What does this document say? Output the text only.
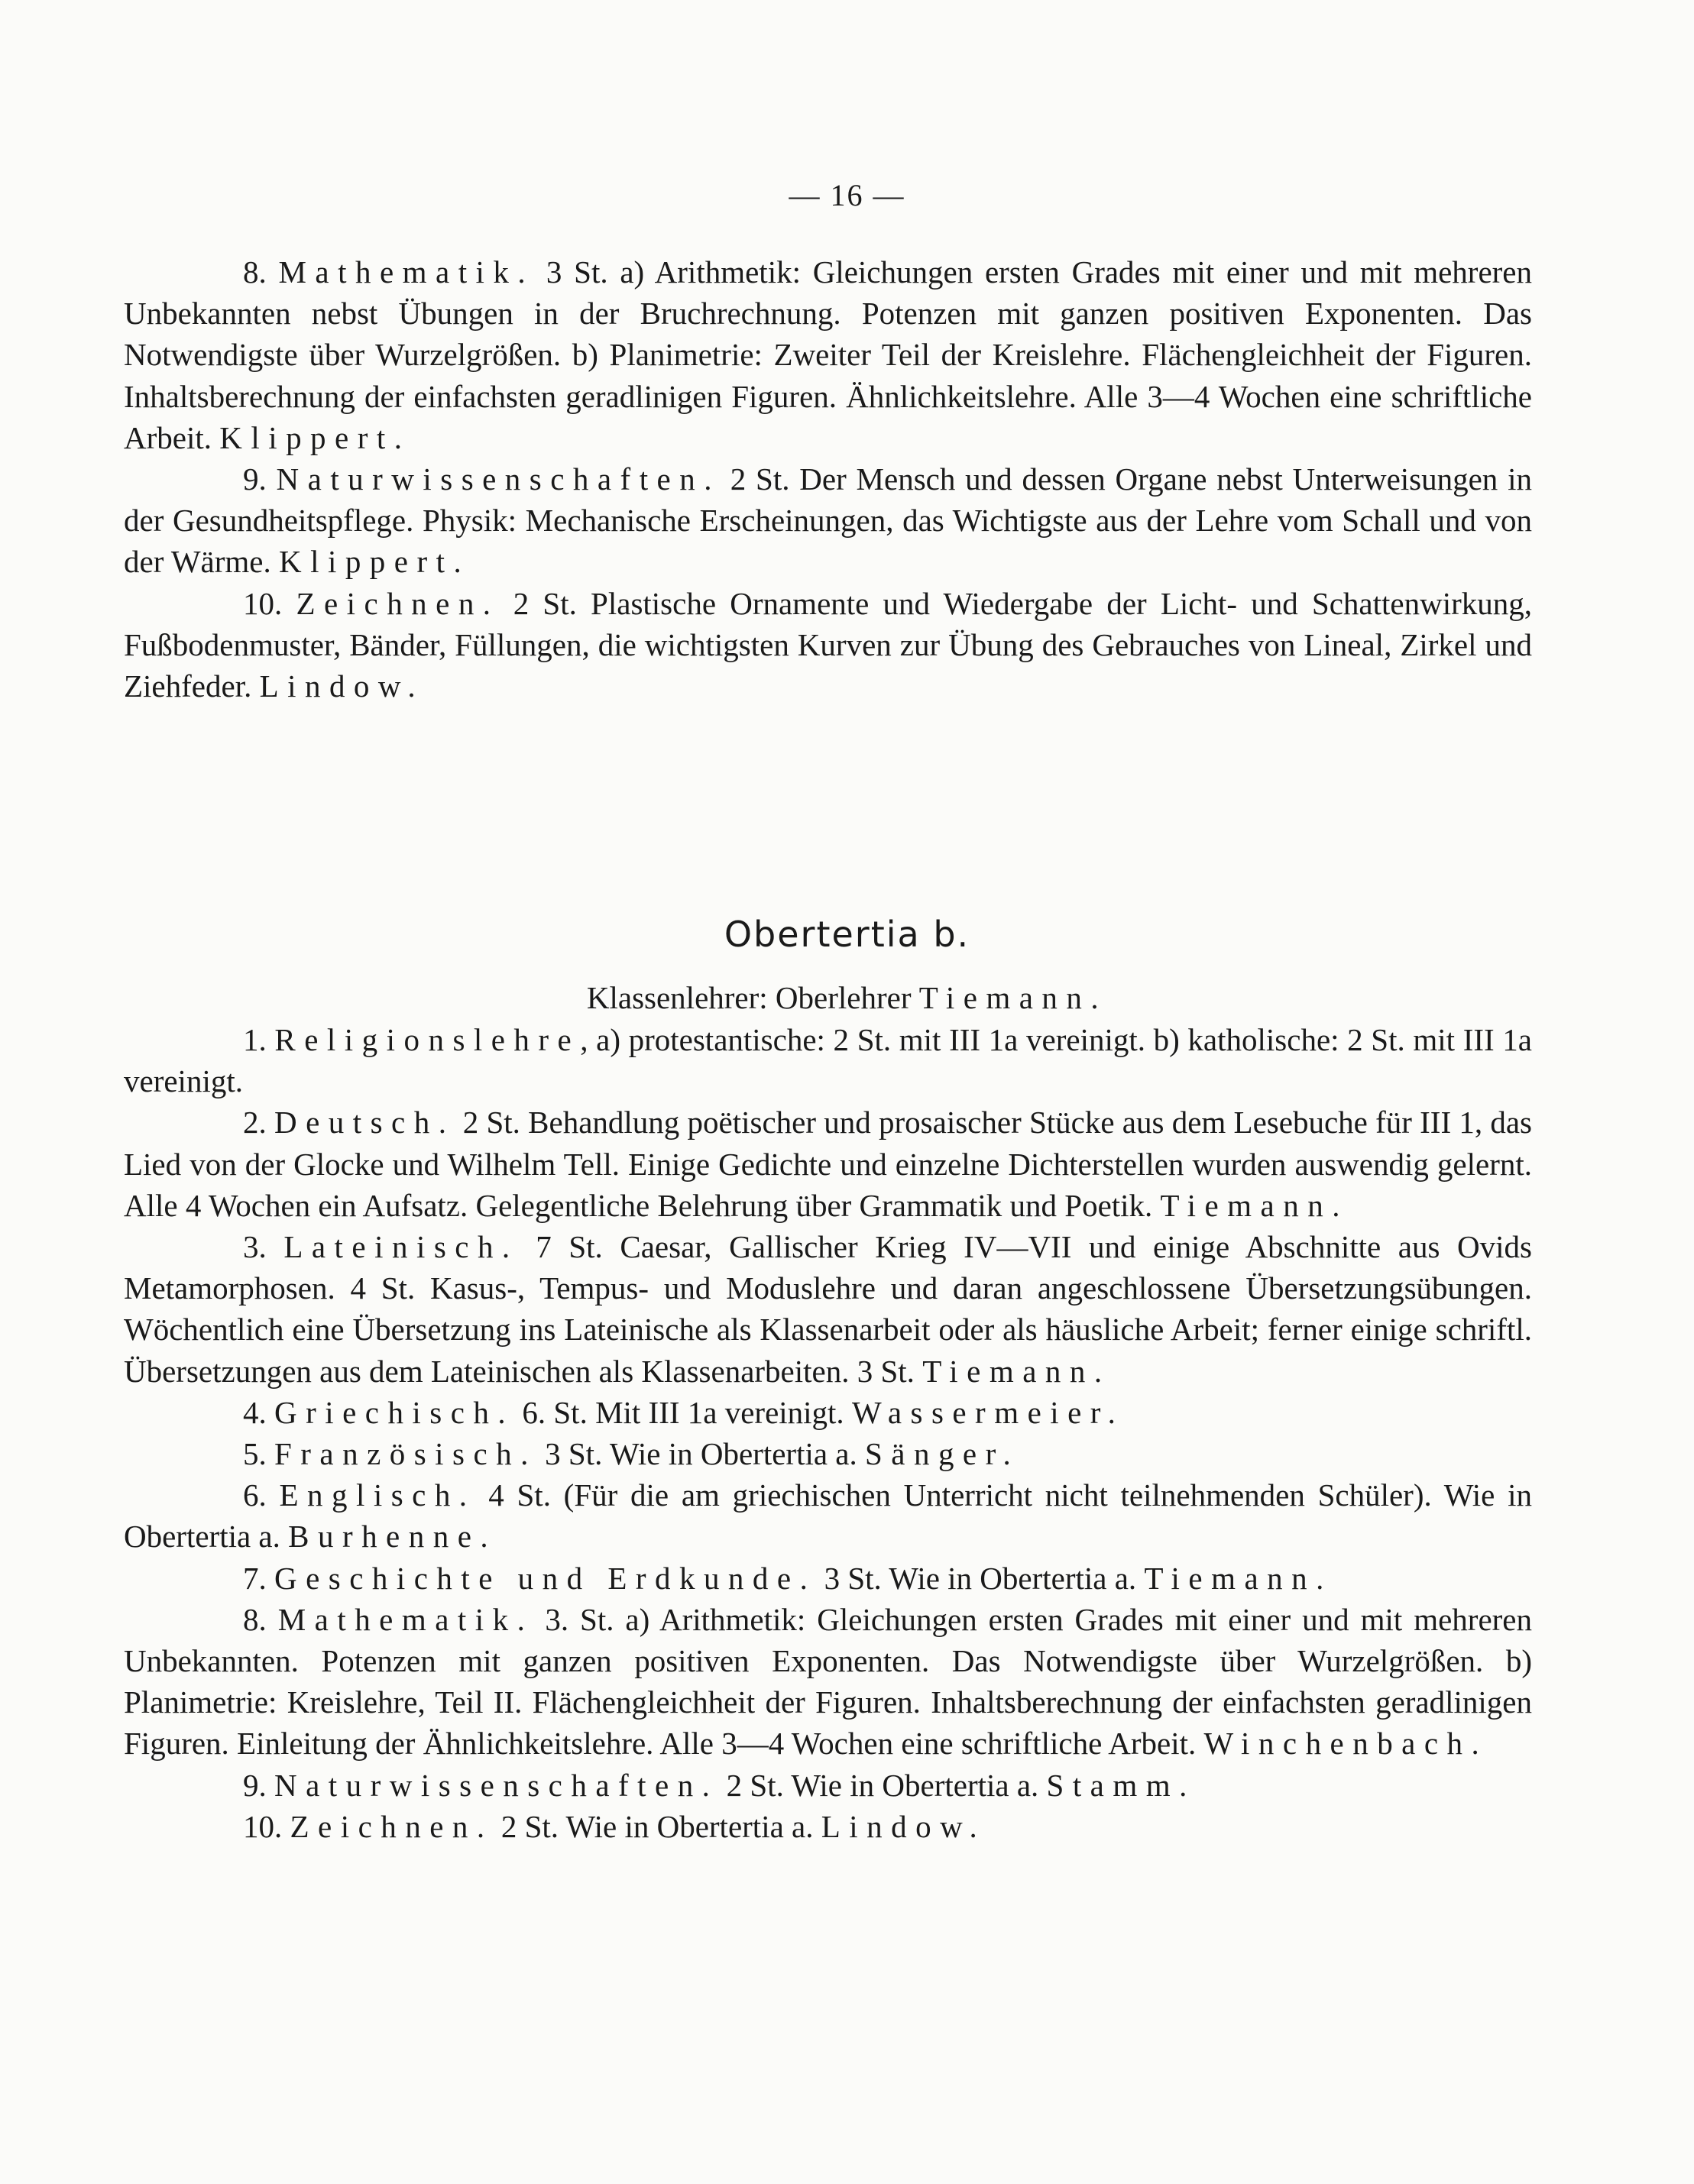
— 16 —

8. Mathematik. 3 St. a) Arithmetik: Gleichungen ersten Grades mit einer und mit mehreren Unbekannten nebst Übungen in der Bruchrechnung. Potenzen mit ganzen positiven Exponenten. Das Notwendigste über Wurzelgrößen. b) Planimetrie: Zweiter Teil der Kreislehre. Flächengleichheit der Figuren. Inhaltsberechnung der einfachsten geradlinigen Figuren. Ähnlichkeitslehre. Alle 3—4 Wochen eine schriftliche Arbeit. Klippert.

9. Naturwissenschaften. 2 St. Der Mensch und dessen Organe nebst Unterweisungen in der Gesundheitspflege. Physik: Mechanische Erscheinungen, das Wichtigste aus der Lehre vom Schall und von der Wärme. Klippert.

10. Zeichnen. 2 St. Plastische Ornamente und Wiedergabe der Licht- und Schattenwirkung, Fußbodenmuster, Bänder, Füllungen, die wichtigsten Kurven zur Übung des Gebrauches von Lineal, Zirkel und Ziehfeder. Lindow.

Obertertia b.
Klassenlehrer: Oberlehrer Tiemann.

1. Religionslehre, a) protestantische: 2 St. mit III 1a vereinigt. b) katholische: 2 St. mit III 1a vereinigt.

2. Deutsch. 2 St. Behandlung poëtischer und prosaischer Stücke aus dem Lesebuche für III 1, das Lied von der Glocke und Wilhelm Tell. Einige Gedichte und einzelne Dichterstellen wurden auswendig gelernt. Alle 4 Wochen ein Aufsatz. Gelegentliche Belehrung über Grammatik und Poetik. Tiemann.

3. Lateinisch. 7 St. Caesar, Gallischer Krieg IV—VII und einige Abschnitte aus Ovids Metamorphosen. 4 St. Kasus-, Tempus- und Moduslehre und daran angeschlossene Übersetzungsübungen. Wöchentlich eine Übersetzung ins Lateinische als Klassenarbeit oder als häusliche Arbeit; ferner einige schriftl. Übersetzungen aus dem Lateinischen als Klassenarbeiten. 3 St. Tiemann.

4. Griechisch. 6. St. Mit III 1a vereinigt. Wassermeier.

5. Französisch. 3 St. Wie in Obertertia a. Sänger.

6. Englisch. 4 St. (Für die am griechischen Unterricht nicht teilnehmenden Schüler). Wie in Obertertia a. Burhenne.

7. Geschichte und Erdkunde. 3 St. Wie in Obertertia a. Tiemann.

8. Mathematik. 3. St. a) Arithmetik: Gleichungen ersten Grades mit einer und mit mehreren Unbekannten. Potenzen mit ganzen positiven Exponenten. Das Notwendigste über Wurzelgrößen. b) Planimetrie: Kreislehre, Teil II. Flächengleichheit der Figuren. Inhaltsberechnung der einfachsten geradlinigen Figuren. Einleitung der Ähnlichkeitslehre. Alle 3—4 Wochen eine schriftliche Arbeit. Winchenbach.

9. Naturwissenschaften. 2 St. Wie in Obertertia a. Stamm.

10. Zeichnen. 2 St. Wie in Obertertia a. Lindow.
